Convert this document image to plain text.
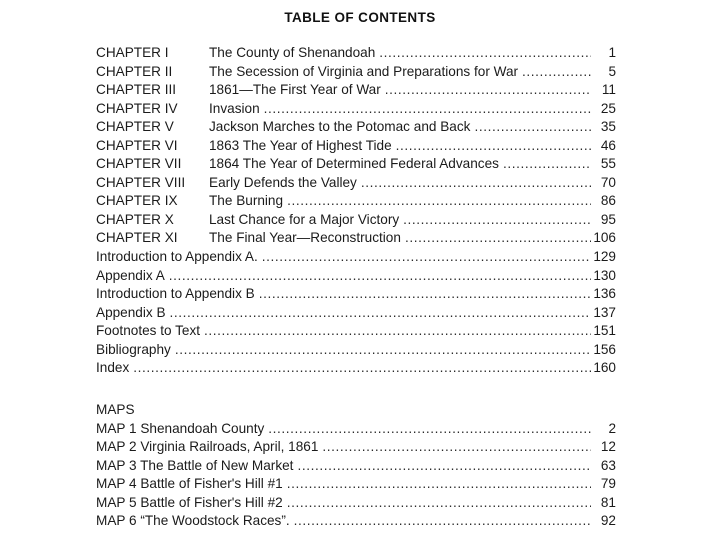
TABLE OF CONTENTS
CHAPTER I	The County of Shenandoah .....	1
CHAPTER II	The Secession of Virginia and Preparations for War .....	5
CHAPTER III	1861—The First Year of War .....	11
CHAPTER IV	Invasion .....	25
CHAPTER V	Jackson Marches to the Potomac and Back .....	35
CHAPTER VI	1863 The Year of Highest Tide .....	46
CHAPTER VII	1864 The Year of Determined Federal Advances .....	55
CHAPTER VIII	Early Defends the Valley .....	70
CHAPTER IX	The Burning .....	86
CHAPTER X	Last Chance for a Major Victory .....	95
CHAPTER XI	The Final Year—Reconstruction .....	106
Introduction to Appendix A. .....	129
Appendix A .....	130
Introduction to Appendix B .....	136
Appendix B .....	137
Footnotes to Text .....	151
Bibliography .....	156
Index .....	160
MAPS
MAP 1 Shenandoah County .....	2
MAP 2 Virginia Railroads, April, 1861 .....	12
MAP 3 The Battle of New Market .....	63
MAP 4 Battle of Fisher's Hill #1 .....	79
MAP 5 Battle of Fisher's Hill #2 .....	81
MAP 6 “The Woodstock Races”. .....	92
